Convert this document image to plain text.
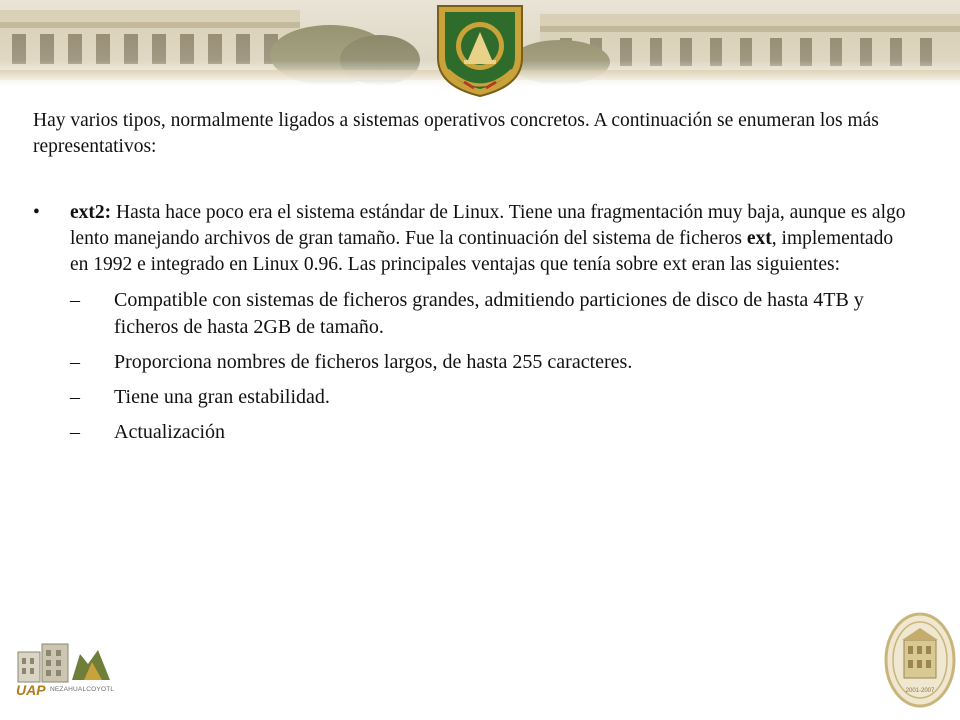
Hay varios tipos, normalmente ligados a sistemas operativos concretos. A continuación se enumeran los más representativos:

• ext2: Hasta hace poco era el sistema estándar de Linux. Tiene una fragmentación muy baja, aunque es algo lento manejando archivos de gran tamaño. Fue la continuación del sistema de ficheros ext, implementado en 1992 e integrado en Linux 0.96. Las principales ventajas que tenía sobre ext eran las siguientes:
– Compatible con sistemas de ficheros grandes, admitiendo particiones de disco de hasta 4TB y ficheros de hasta 2GB de tamaño.
– Proporciona nombres de ficheros largos, de hasta 255 caracteres.
– Tiene una gran estabilidad.
– Actualización
UAP NEZAHUALCOYOTL	2001-2007
